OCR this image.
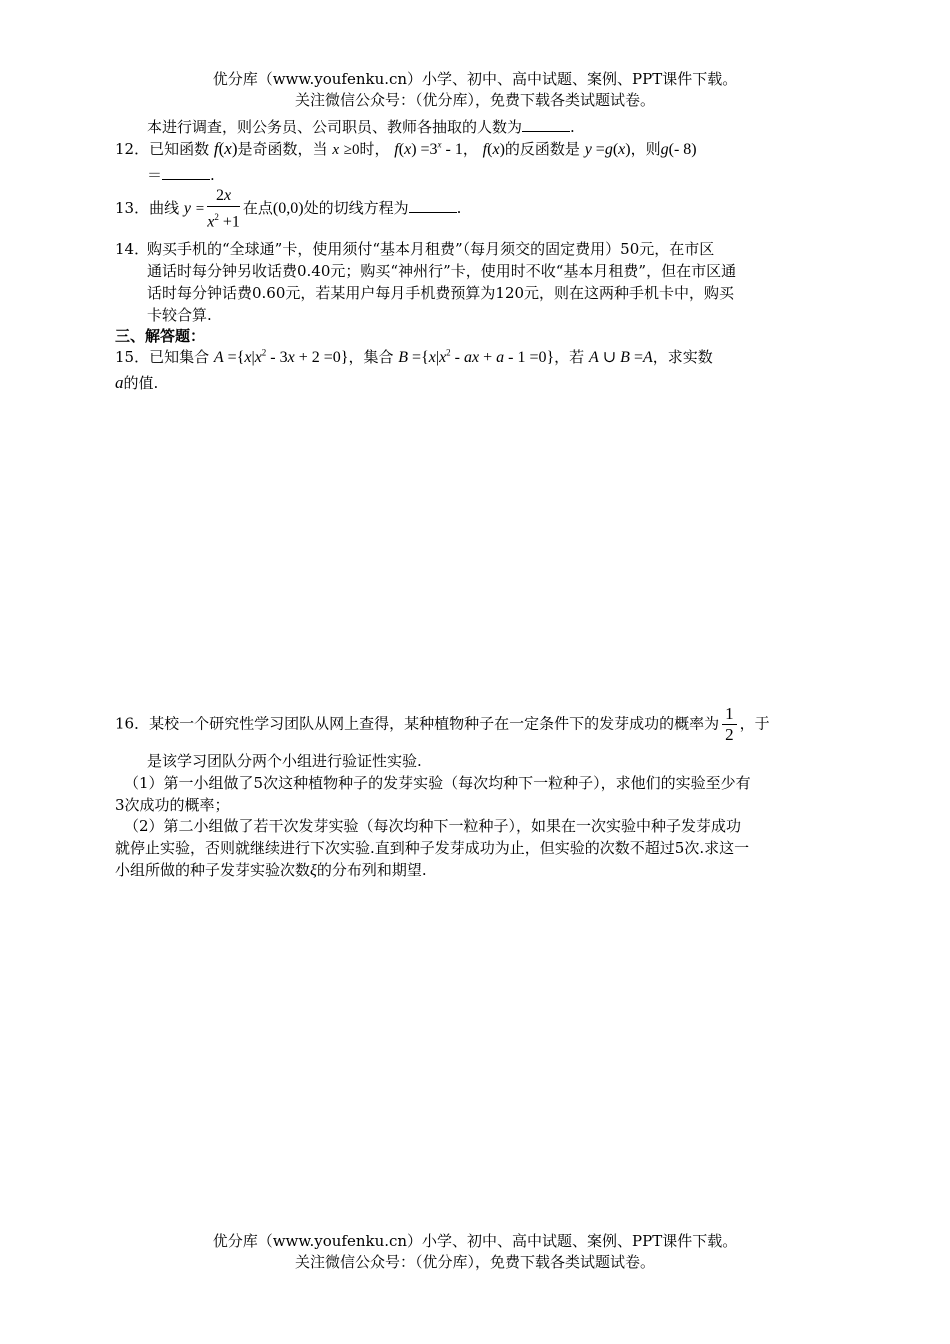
优分库（www.youfenku.cn）小学、初中、高中试题、案例、PPT课件下载。
关注微信公众号：（优分库），免费下载各类试题试卷。
本进行调查，则公务员、公司职员、教师各抽取的人数为	.
12．已知函数 f(x)是奇函数，当 x ≥0时， $f(x) =3^x - 1$， f(x)的反函数是 y =g(x)，则g(- 8)
＝	.
13．曲线 $y = \frac{2x}{x^2 +1}$ 在点(0,0)处的切线方程为	.
14．
购买手机的“全球通”卡，使用须付“基本月租费”（每月须交的固定费用）50元，在市区
通话时每分钟另收话费0.40元；购买“神州行”卡，使用时不收“基本月租费”，但在市区通
话时每分钟话费0.60元，若某用户每月手机费预算为120元，则在这两种手机卡中，购买
卡较合算.
三、解答题：
15．已知集合 $A =\{x|x^2 - 3x + 2 =0\}$，集合 $B =\{x|x^2$ - ax + a - 1 =0}，若 A ∪ B =A，求实数
a的值.
16．某校一个研究性学习团队从网上查得，某种植物种子在一定条件下的发芽成功的概率为 $\frac{1}{2}$ ，于
是该学习团队分两个小组进行验证性实验.
（1）第一小组做了5次这种植物种子的发芽实验（每次均种下一粒种子），求他们的实验至少有
3次成功的概率；
（2）第二小组做了若干次发芽实验（每次均种下一粒种子），如果在一次实验中种子发芽成功
就停止实验，否则就继续进行下次实验.直到种子发芽成功为止，但实验的次数不超过5次.求这一
小组所做的种子发芽实验次数ξ的分布列和期望.
优分库（www.youfenku.cn）小学、初中、高中试题、案例、PPT课件下载。
关注微信公众号：（优分库），免费下载各类试题试卷。
